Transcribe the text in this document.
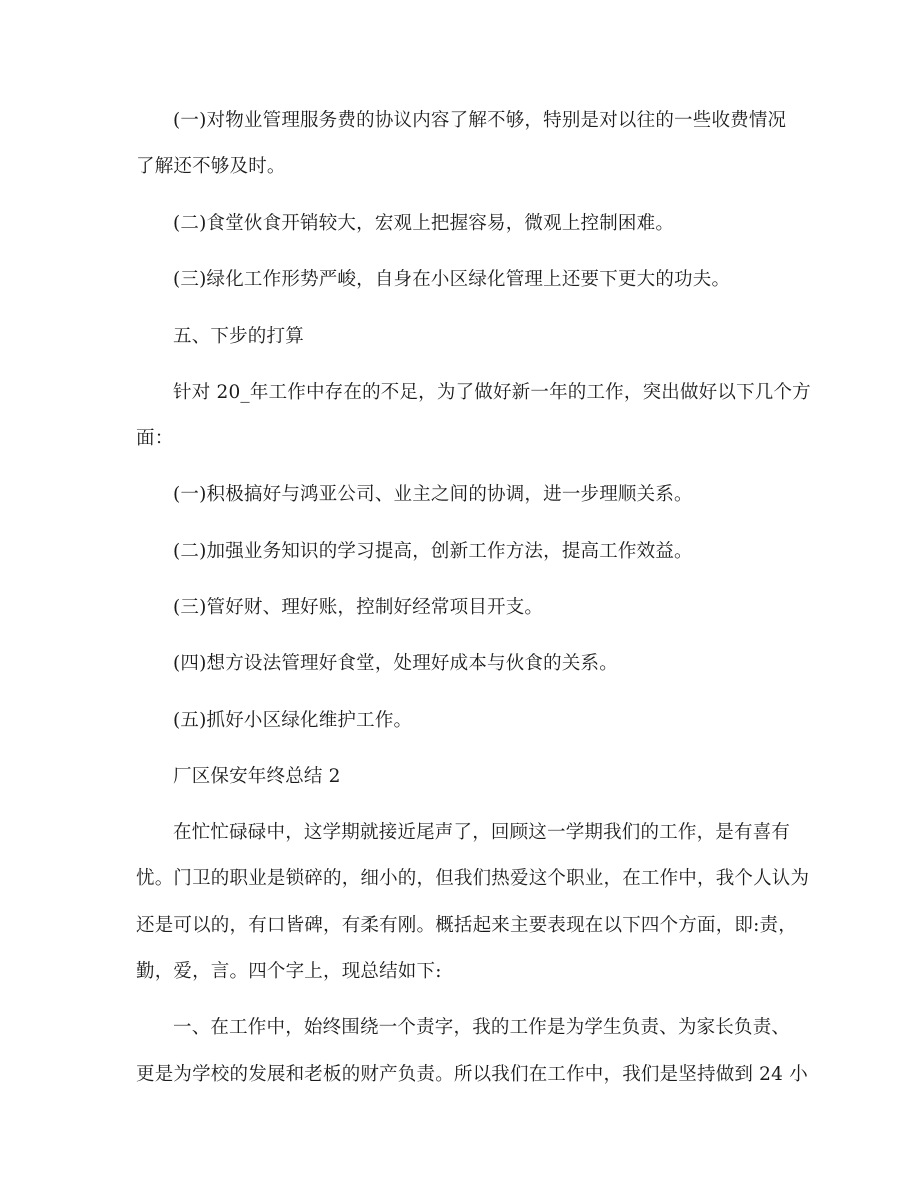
(一)对物业管理服务费的协议内容了解不够，特别是对以往的一些收费情况
了解还不够及时。
(二)食堂伙食开销较大，宏观上把握容易，微观上控制困难。
(三)绿化工作形势严峻，自身在小区绿化管理上还要下更大的功夫。
五、下步的打算
针对 20_年工作中存在的不足，为了做好新一年的工作，突出做好以下几个方
面：
(一)积极搞好与鸿亚公司、业主之间的协调，进一步理顺关系。
(二)加强业务知识的学习提高，创新工作方法，提高工作效益。
(三)管好财、理好账，控制好经常项目开支。
(四)想方设法管理好食堂，处理好成本与伙食的关系。
(五)抓好小区绿化维护工作。
厂区保安年终总结 2
在忙忙碌碌中，这学期就接近尾声了，回顾这一学期我们的工作，是有喜有
忧。门卫的职业是锁碎的，细小的，但我们热爱这个职业，在工作中，我个人认为
还是可以的，有口皆碑，有柔有刚。概括起来主要表现在以下四个方面，即:责，
勤，爱，言。四个字上，现总结如下:
一、在工作中，始终围绕一个责字，我的工作是为学生负责、为家长负责、
更是为学校的发展和老板的财产负责。所以我们在工作中，我们是坚持做到 24 小
